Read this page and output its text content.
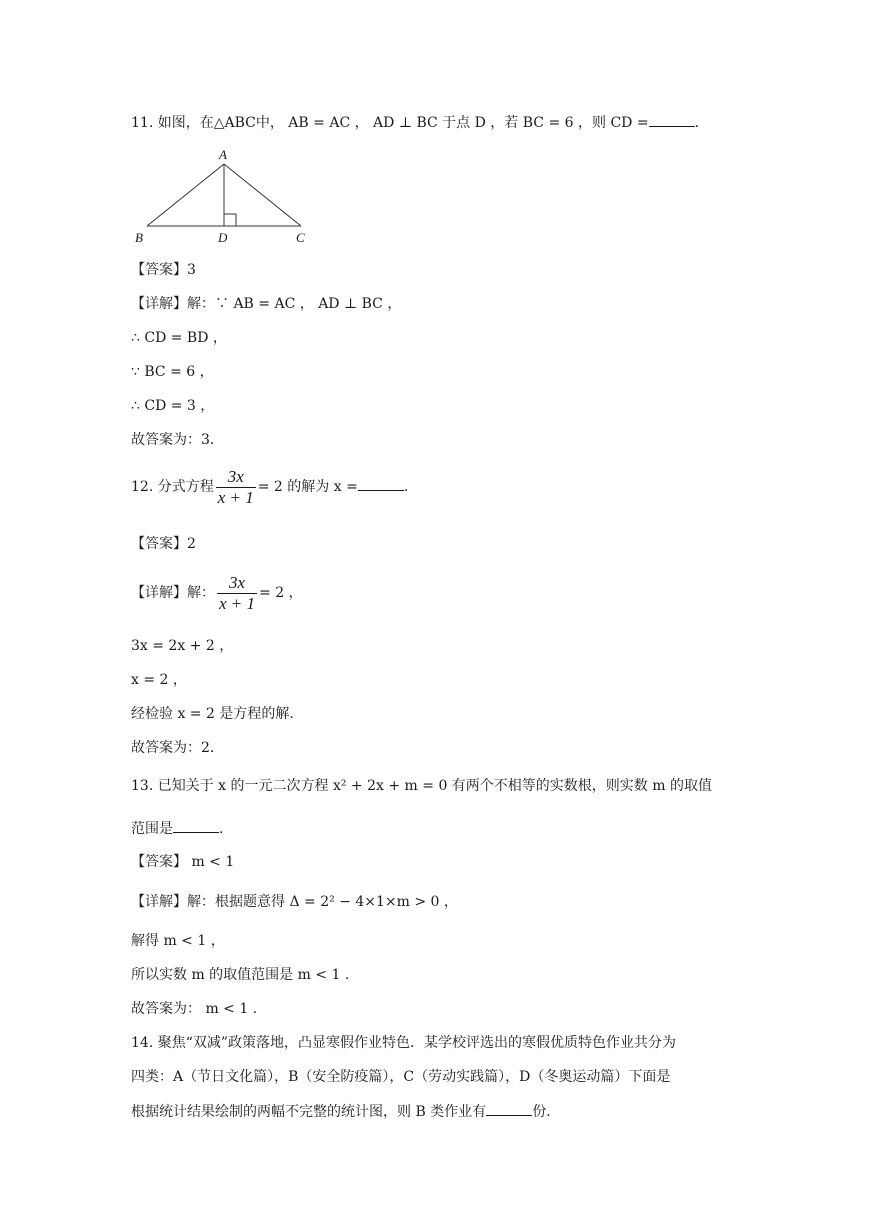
11. 如图，在△ABC中， AB = AC ， AD ⊥ BC 于点 D ，若 BC = 6 ，则 CD =	.
A
B	D	C
【答案】3
【详解】解：∵ AB = AC ， AD ⊥ BC ，
∴ CD = BD ，
∵ BC = 6 ，
∴ CD = 3 ，
故答案为：3．
12. 分式方程 $\frac{3x}{x + 1} = 2$ 的解为 x =	.
【答案】2
【详解】解： $\frac{3x}{x + 1} = 2$ ，
3x = 2x + 2 ，
x = 2 ，
经检验 x = 2 是方程的解.
故答案为：2．
13. 已知关于 x 的一元二次方程 x² + 2x + m = 0 有两个不相等的实数根，则实数 m 的取值
范围是	.
【答案】 m < 1
【详解】解：根据题意得 Δ = 2² − 4×1×m > 0 ，
解得 m < 1 ，
所以实数 m 的取值范围是 m < 1 .
故答案为： m < 1 .
14. 聚焦“双减”政策落地，凸显寒假作业特色．某学校评选出的寒假优质特色作业共分为
四类：A（节日文化篇），B（安全防疫篇），C（劳动实践篇），D（冬奥运动篇）下面是
根据统计结果绘制的两幅不完整的统计图，则 B 类作业有	份.
